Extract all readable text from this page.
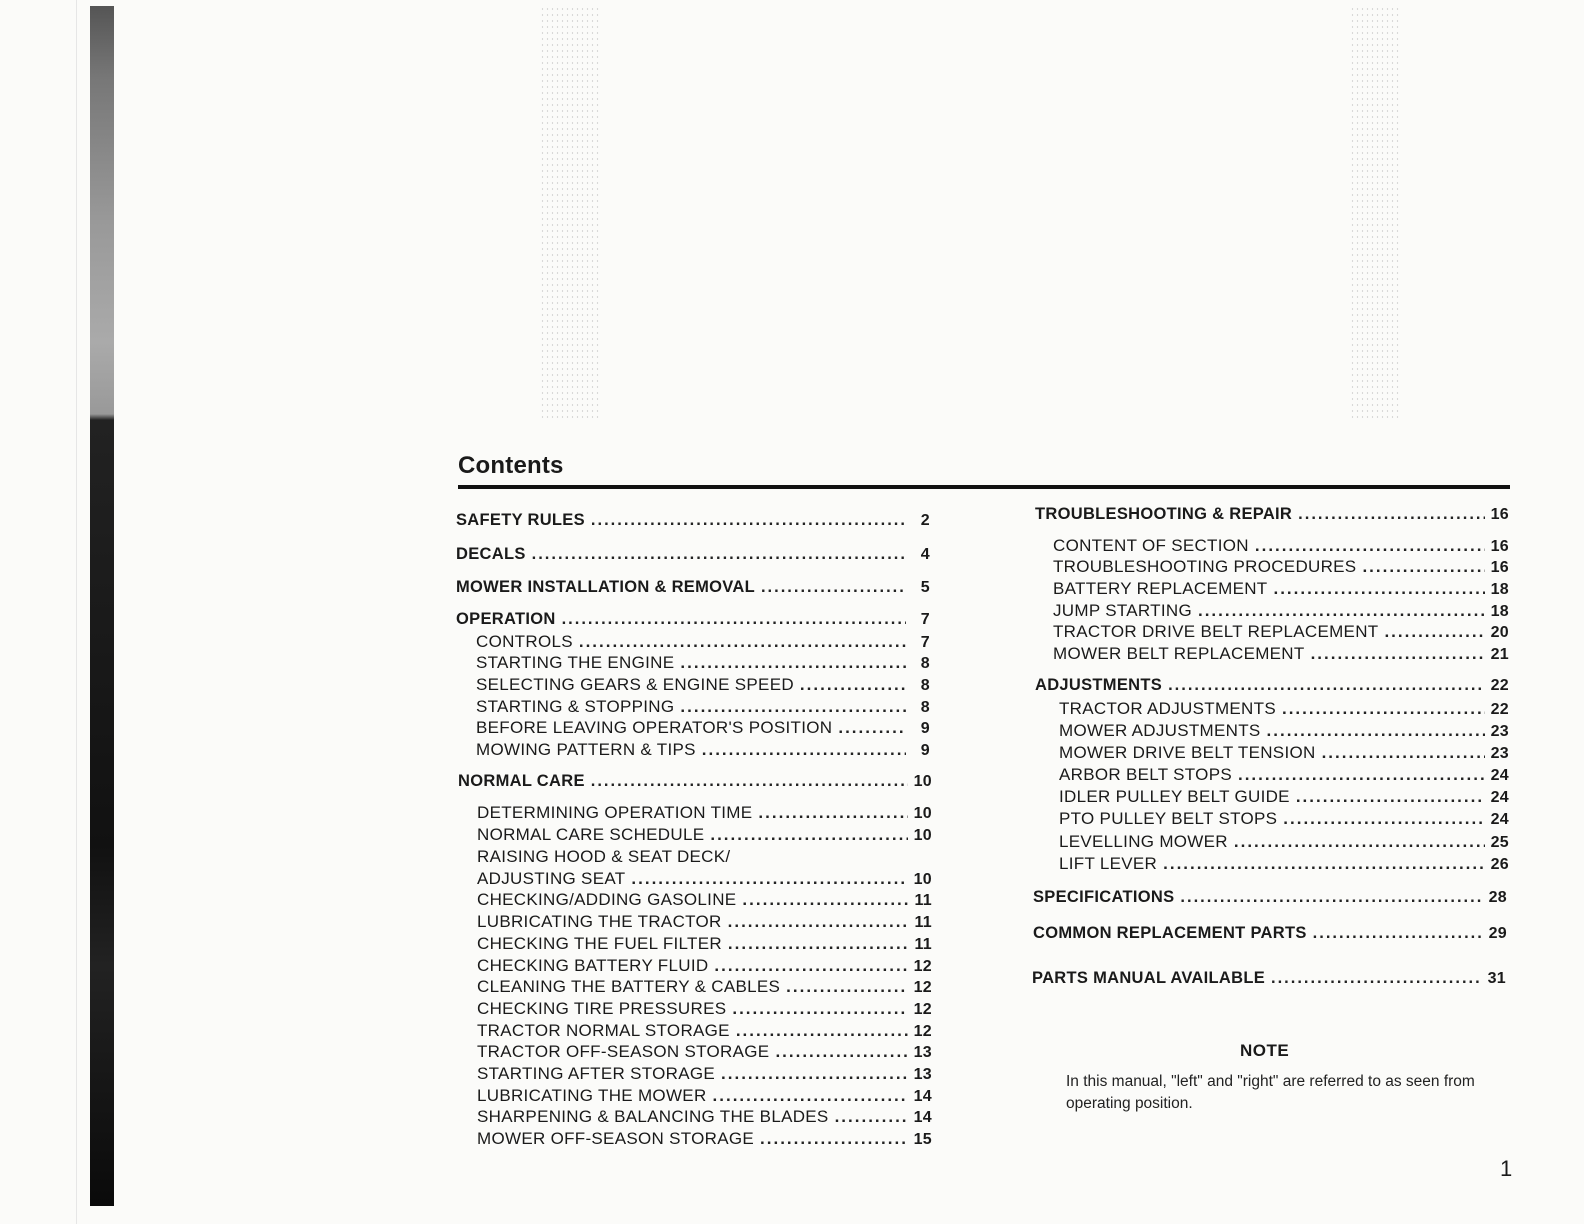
Contents
SAFETY RULES .....	2
DECALS .....	4
MOWER INSTALLATION & REMOVAL .....	5
OPERATION .....	7
CONTROLS .....	7
STARTING THE ENGINE .....	8
SELECTING GEARS & ENGINE SPEED .....	8
STARTING & STOPPING .....	8
BEFORE LEAVING OPERATOR'S POSITION .....	9
MOWING PATTERN & TIPS .....	9
NORMAL CARE .....	10
DETERMINING OPERATION TIME .....	10
NORMAL CARE SCHEDULE .....	10
RAISING HOOD & SEAT DECK/
ADJUSTING SEAT .....	10
CHECKING/ADDING GASOLINE .....	11
LUBRICATING THE TRACTOR .....	11
CHECKING THE FUEL FILTER .....	11
CHECKING BATTERY FLUID .....	12
CLEANING THE BATTERY & CABLES .....	12
CHECKING TIRE PRESSURES .....	12
TRACTOR NORMAL STORAGE .....	12
TRACTOR OFF-SEASON STORAGE .....	13
STARTING AFTER STORAGE .....	13
LUBRICATING THE MOWER .....	14
SHARPENING & BALANCING THE BLADES .....	14
MOWER OFF-SEASON STORAGE .....	15
TROUBLESHOOTING & REPAIR .....	16
CONTENT OF SECTION .....	16
TROUBLESHOOTING PROCEDURES .....	16
BATTERY REPLACEMENT .....	18
JUMP STARTING .....	18
TRACTOR DRIVE BELT REPLACEMENT .....	20
MOWER BELT REPLACEMENT .....	21
ADJUSTMENTS .....	22
TRACTOR ADJUSTMENTS .....	22
MOWER ADJUSTMENTS .....	23
MOWER DRIVE BELT TENSION .....	23
ARBOR BELT STOPS .....	24
IDLER PULLEY BELT GUIDE .....	24
PTO PULLEY BELT STOPS .....	24
LEVELLING MOWER .....	25
LIFT LEVER .....	26
SPECIFICATIONS .....	28
COMMON REPLACEMENT PARTS .....	29
PARTS MANUAL AVAILABLE .....	31
NOTE
In this manual, "left" and "right" are referred to as seen from operating position.
1
